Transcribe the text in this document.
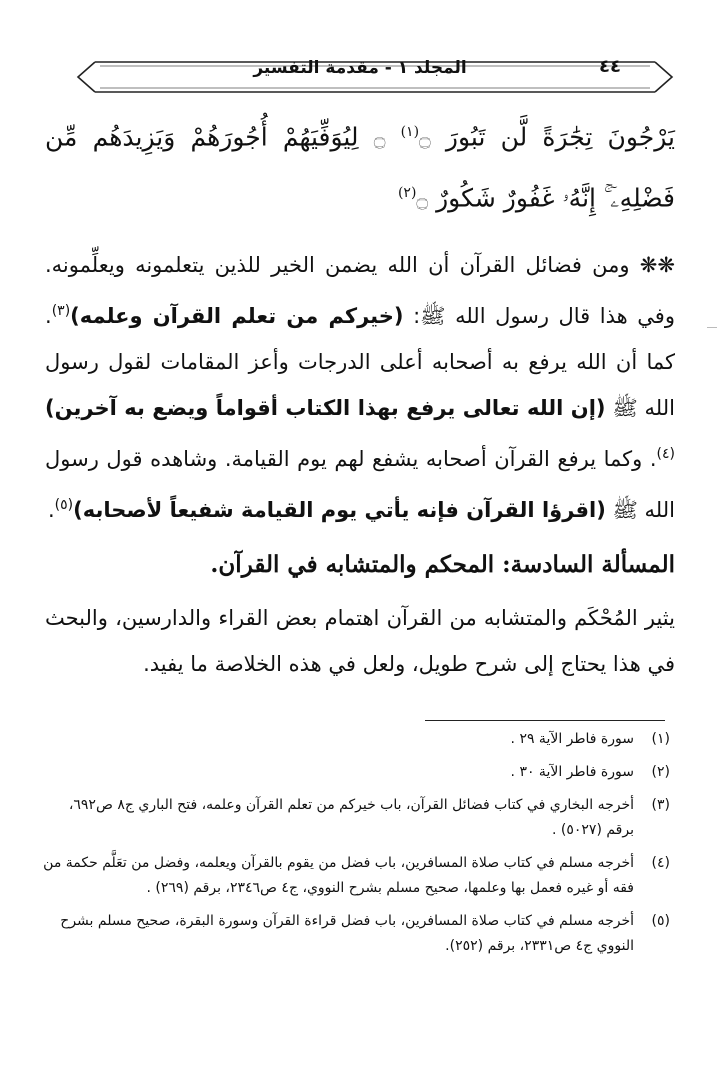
٤٤
المجلد ١ - مقدمة التفسير
يَرْجُونَ تِجَٰرَةً لَّن تَبُورَ ۝$^{(١)}$ ۝ لِيُوَفِّيَهُمْ أُجُورَهُمْ وَيَزِيدَهُم مِّن فَضْلِهِۦٓ ۚ إِنَّهُۥ غَفُورٌ شَكُورٌ ۝$^{(٢)}$

❋❋ ومن فضائل القرآن أن الله يضمن الخير للذين يتعلمونه ويعلِّمونه. وفي هذا قال رسول الله ﷺ: (خيركم من تعلم القرآن وعلمه)$^{(٣)}$. كما أن الله يرفع به أصحابه أعلى الدرجات وأعز المقامات لقول رسول الله ﷺ (إن الله تعالى يرفع بهذا الكتاب أقواماً ويضع به آخرين)$^{(٤)}$. وكما يرفع القرآن أصحابه يشفع لهم يوم القيامة. وشاهده قول رسول الله ﷺ (اقرؤا القرآن فإنه يأتي يوم القيامة شفيعاً لأصحابه)$^{(٥)}$.

المسألة السادسة: المحكم والمتشابه في القرآن.

يثير المُحْكَم والمتشابه من القرآن اهتمام بعض القراء والدارسين، والبحث في هذا يحتاج إلى شرح طويل، ولعل في هذه الخلاصة ما يفيد.

(١)
سورة فاطر الآية ٢٩ .
(٢)
سورة فاطر الآية ٣٠ .
(٣)
أخرجه البخاري في كتاب فضائل القرآن، باب خيركم من تعلم القرآن وعلمه، فتح الباري ج٨ ص٦٩٢، برقم (٥٠٢٧) .
(٤)
أخرجه مسلم في كتاب صلاة المسافرين، باب فضل من يقوم بالقرآن ويعلمه، وفضل من تعَلَّم حكمة من فقه أو غيره فعمل بها وعلمها، صحيح مسلم بشرح النووي، ج٤ ص٢٣٤٦، برقم (٢٦٩) .
(٥)
أخرجه مسلم في كتاب صلاة المسافرين، باب فضل قراءة القرآن وسورة البقرة، صحيح مسلم بشرح النووي ج٤ ص٢٣٣١، برقم (٢٥٢).
